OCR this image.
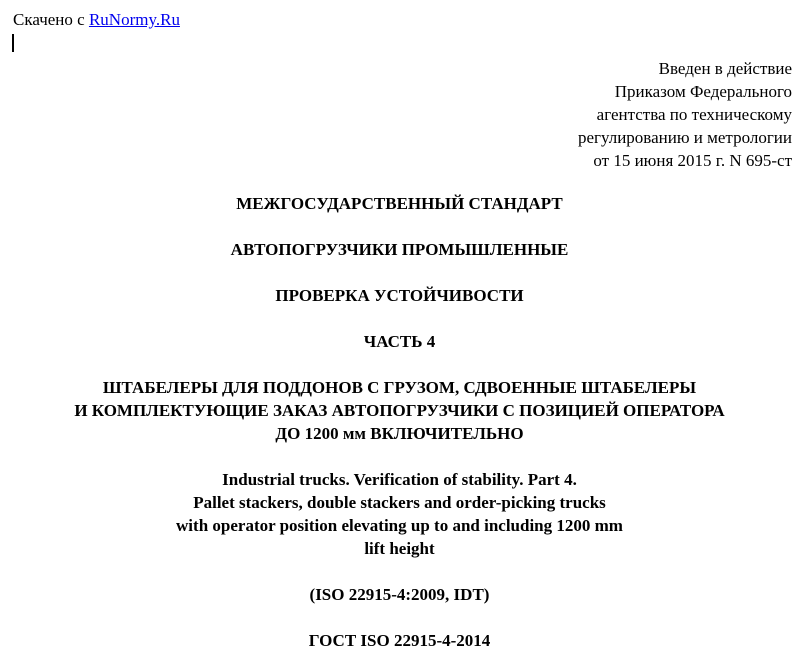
Скачено с RuNormy.Ru
Введен в действие
Приказом Федерального
агентства по техническому
регулированию и метрологии
от 15 июня 2015 г. N 695-ст
МЕЖГОСУДАРСТВЕННЫЙ СТАНДАРТ
АВТОПОГРУЗЧИКИ ПРОМЫШЛЕННЫЕ
ПРОВЕРКА УСТОЙЧИВОСТИ
ЧАСТЬ 4
ШТАБЕЛЕРЫ ДЛЯ ПОДДОНОВ С ГРУЗОМ, СДВОЕННЫЕ ШТАБЕЛЕРЫ
И КОМПЛЕКТУЮЩИЕ ЗАКАЗ АВТОПОГРУЗЧИКИ С ПОЗИЦИЕЙ ОПЕРАТОРА
ДО 1200 мм ВКЛЮЧИТЕЛЬНО
Industrial trucks. Verification of stability. Part 4.
Pallet stackers, double stackers and order-picking trucks
with operator position elevating up to and including 1200 mm
lift height
(ISO 22915-4:2009, IDT)
ГОСТ ISO 22915-4-2014
